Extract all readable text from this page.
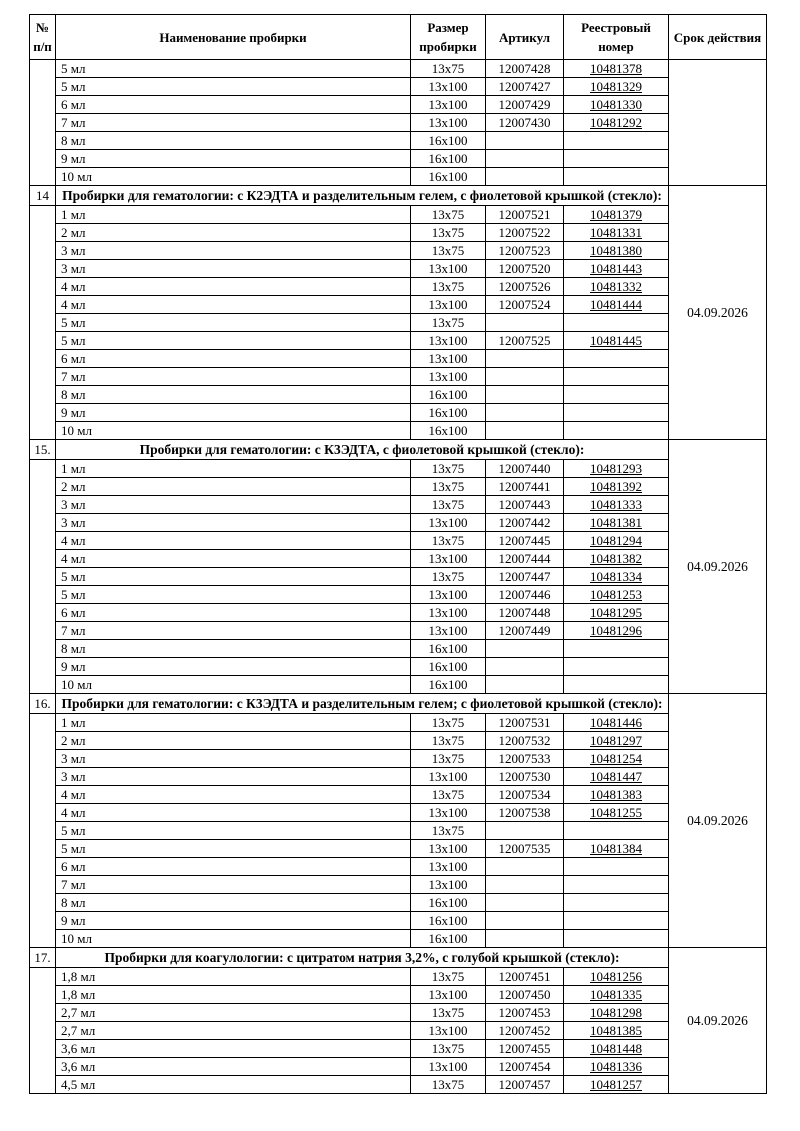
№ п/п	Наименование пробирки	Размер пробирки	Артикул	Реестровый номер	Срок действия
	5 мл	13x75	12007428	10481378	
	5 мл	13x100	12007427	10481329	
	6 мл	13x100	12007429	10481330	
	7 мл	13x100	12007430	10481292	
	8 мл	16x100			
	9 мл	16x100			
	10 мл	16x100			
14	Пробирки для гематологии: с К2ЭДТА и разделительным гелем, с фиолетовой крышкой (стекло):				04.09.2026
	1 мл	13x75	12007521	10481379	
	2 мл	13x75	12007522	10481331	
	3 мл	13x75	12007523	10481380	
	3 мл	13x100	12007520	10481443	
	4 мл	13x75	12007526	10481332	
	4 мл	13x100	12007524	10481444	
	5 мл	13x75			
	5 мл	13x100	12007525	10481445	
	6 мл	13x100			
	7 мл	13x100			
	8 мл	16x100			
	9 мл	16x100			
	10 мл	16x100			
15.	Пробирки для гематологии: с К3ЭДТА, с фиолетовой крышкой (стекло):				04.09.2026
	1 мл	13x75	12007440	10481293	
	2 мл	13x75	12007441	10481392	
	3 мл	13x75	12007443	10481333	
	3 мл	13x100	12007442	10481381	
	4 мл	13x75	12007445	10481294	
	4 мл	13x100	12007444	10481382	
	5 мл	13x75	12007447	10481334	
	5 мл	13x100	12007446	10481253	
	6 мл	13x100	12007448	10481295	
	7 мл	13x100	12007449	10481296	
	8 мл	16x100			
	9 мл	16x100			
	10 мл	16x100			
16.	Пробирки для гематологии: с К3ЭДТА и разделительным гелем; с фиолетовой крышкой (стекло):				04.09.2026
	1 мл	13x75	12007531	10481446	
	2 мл	13x75	12007532	10481297	
	3 мл	13x75	12007533	10481254	
	3 мл	13x100	12007530	10481447	
	4 мл	13x75	12007534	10481383	
	4 мл	13x100	12007538	10481255	
	5 мл	13x75			
	5 мл	13x100	12007535	10481384	
	6 мл	13x100			
	7 мл	13x100			
	8 мл	16x100			
	9 мл	16x100			
	10 мл	16x100			
17.	Пробирки для коагулологии: с цитратом натрия 3,2%, с голубой крышкой (стекло):				04.09.2026
	1,8 мл	13x75	12007451	10481256	
	1,8 мл	13x100	12007450	10481335	
	2,7 мл	13x75	12007453	10481298	
	2,7 мл	13x100	12007452	10481385	
	3,6 мл	13x75	12007455	10481448	
	3,6 мл	13x100	12007454	10481336	
	4,5 мл	13x75	12007457	10481257	
